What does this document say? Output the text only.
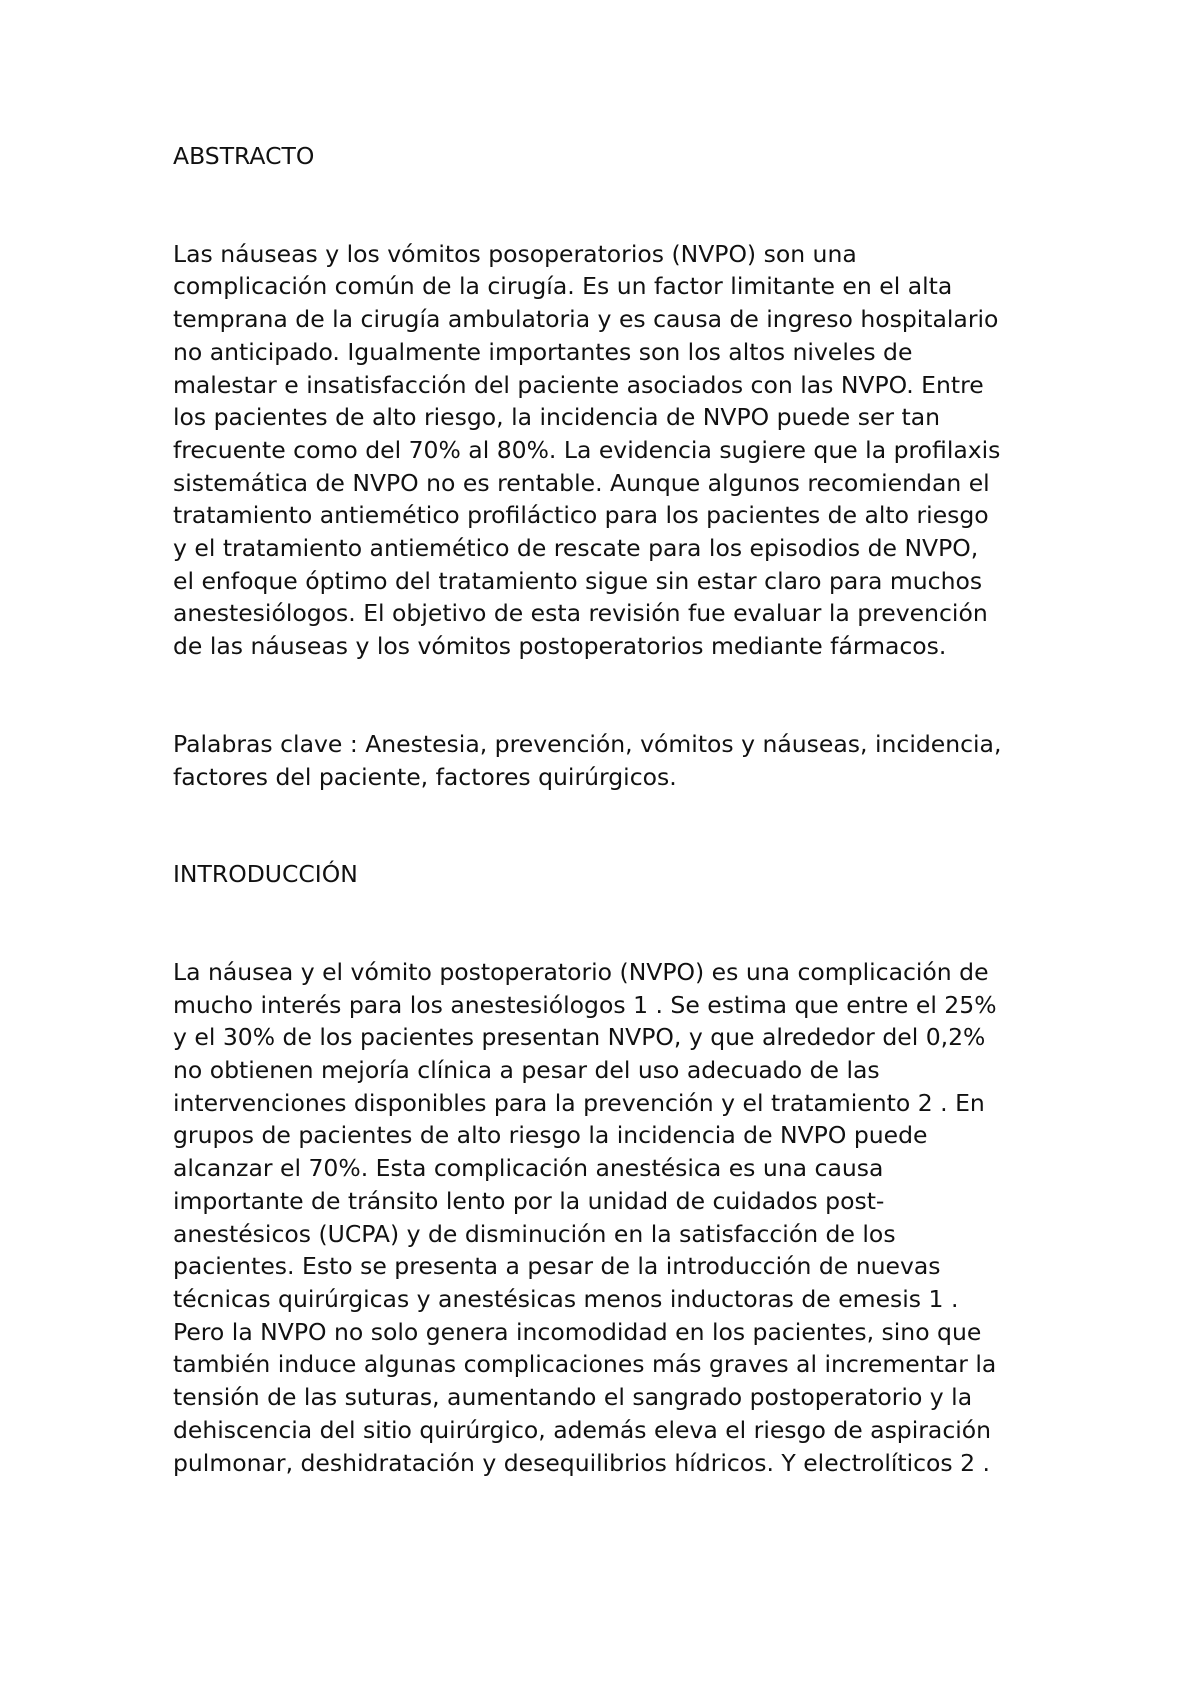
ABSTRACTO

Las náuseas y los vómitos posoperatorios (NVPO) son una
complicación común de la cirugía. Es un factor limitante en el alta
temprana de la cirugía ambulatoria y es causa de ingreso hospitalario
no anticipado. Igualmente importantes son los altos niveles de
malestar e insatisfacción del paciente asociados con las NVPO. Entre
los pacientes de alto riesgo, la incidencia de NVPO puede ser tan
frecuente como del 70% al 80%. La evidencia sugiere que la profilaxis
sistemática de NVPO no es rentable. Aunque algunos recomiendan el
tratamiento antiemético profiláctico para los pacientes de alto riesgo
y el tratamiento antiemético de rescate para los episodios de NVPO,
el enfoque óptimo del tratamiento sigue sin estar claro para muchos
anestesiólogos. El objetivo de esta revisión fue evaluar la prevención
de las náuseas y los vómitos postoperatorios mediante fármacos.

Palabras clave : Anestesia, prevención, vómitos y náuseas, incidencia,
factores del paciente, factores quirúrgicos.

INTRODUCCIÓN

La náusea y el vómito postoperatorio (NVPO) es una complicación de
mucho interés para los anestesiólogos 1 . Se estima que entre el 25%
y el 30% de los pacientes presentan NVPO, y que alrededor del 0,2%
no obtienen mejoría clínica a pesar del uso adecuado de las
intervenciones disponibles para la prevención y el tratamiento 2 . En
grupos de pacientes de alto riesgo la incidencia de NVPO puede
alcanzar el 70%. Esta complicación anestésica es una causa
importante de tránsito lento por la unidad de cuidados post-
anestésicos (UCPA) y de disminución en la satisfacción de los
pacientes. Esto se presenta a pesar de la introducción de nuevas
técnicas quirúrgicas y anestésicas menos inductoras de emesis 1 .
Pero la NVPO no solo genera incomodidad en los pacientes, sino que
también induce algunas complicaciones más graves al incrementar la
tensión de las suturas, aumentando el sangrado postoperatorio y la
dehiscencia del sitio quirúrgico, además eleva el riesgo de aspiración
pulmonar, deshidratación y desequilibrios hídricos. Y electrolíticos 2 .
